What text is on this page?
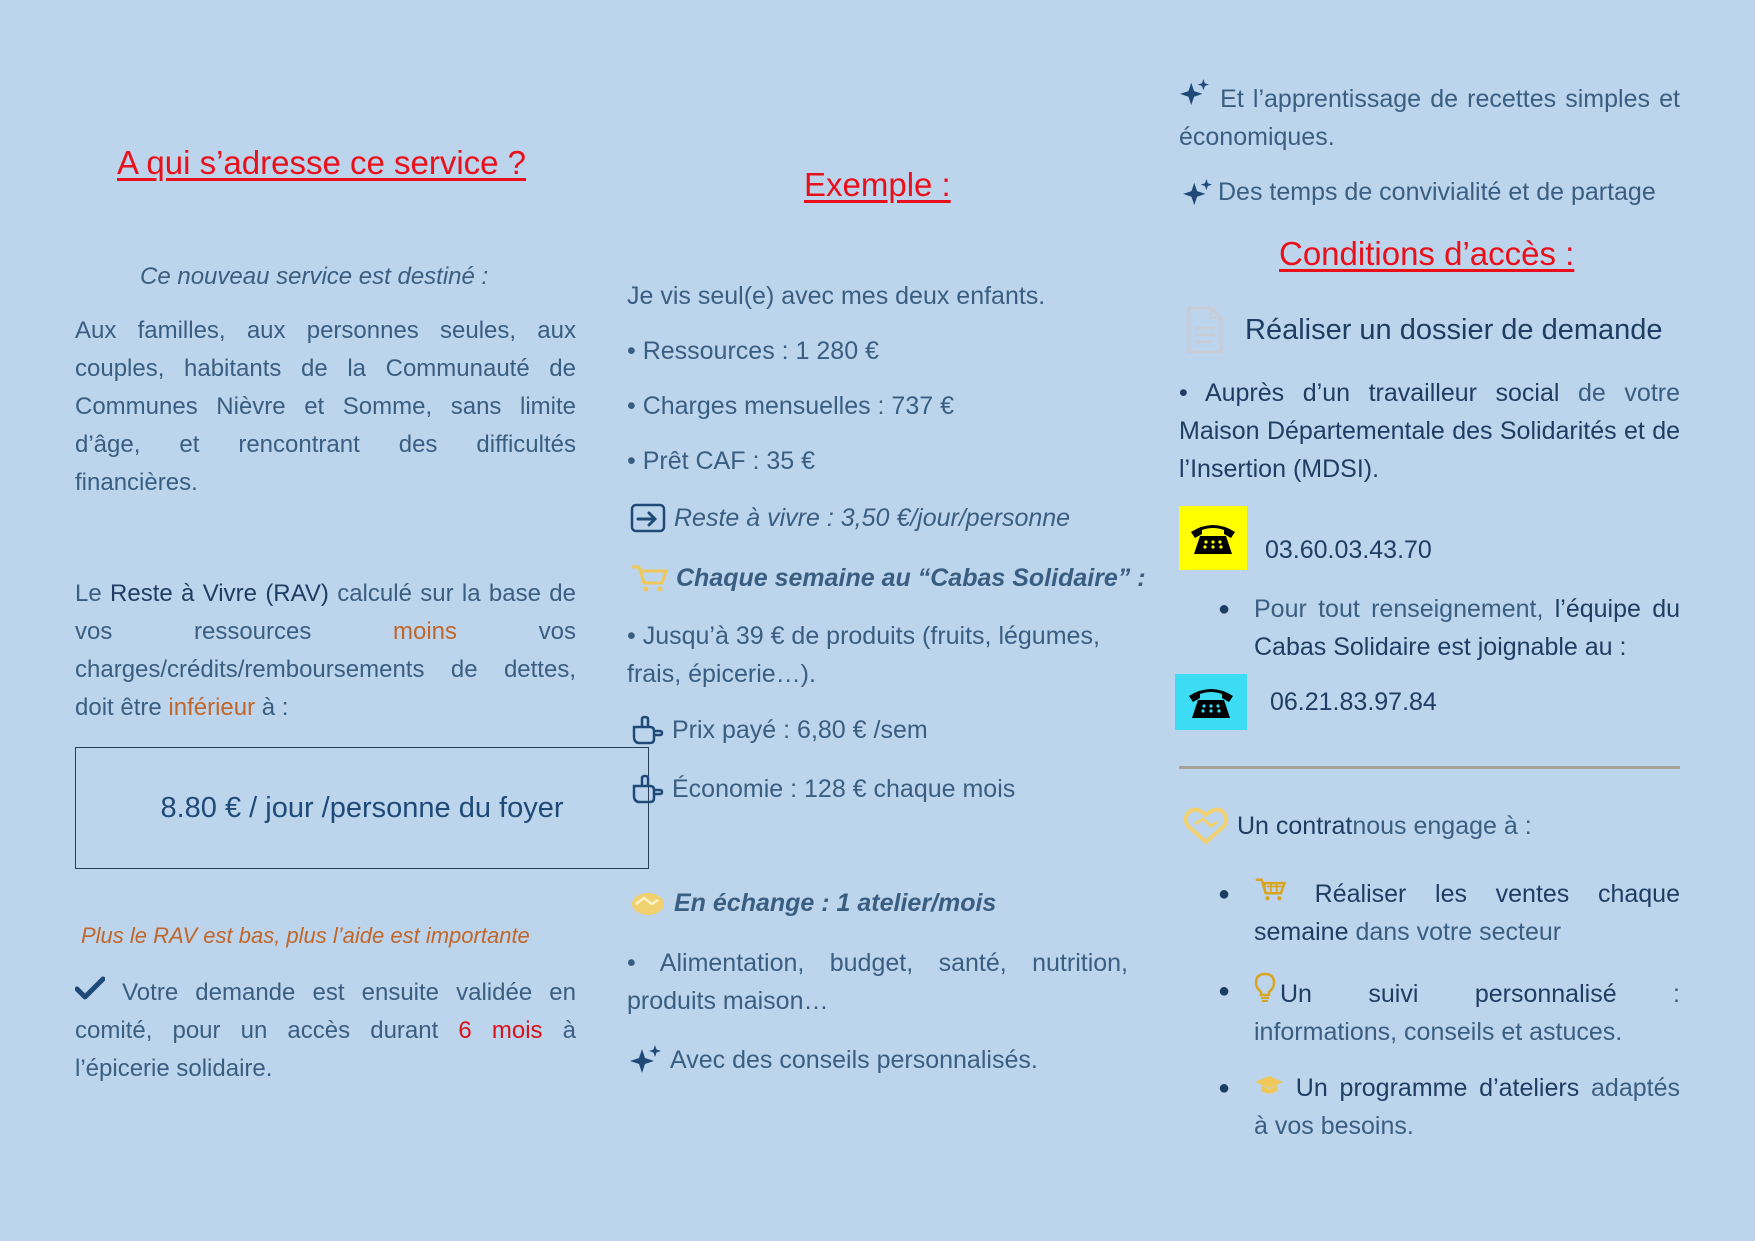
A qui s’adresse ce service ?
Ce nouveau service est destiné :
Aux familles, aux personnes seules, aux couples, habitants de la Communauté de Communes Nièvre et Somme, sans limite d’âge, et rencontrant des difficultés financières.
Le Reste à Vivre (RAV) calculé sur la base de vos ressources moins vos charges/crédits/remboursements de dettes, doit être inférieur à :
8.80 € / jour /personne du foyer
Plus le RAV est bas, plus l’aide est importante
Votre demande est ensuite validée en comité, pour un accès durant 6 mois à l’épicerie solidaire.
Exemple :
Je vis seul(e) avec mes deux enfants.
• Ressources : 1 280 €
• Charges mensuelles : 737 €
• Prêt CAF : 35 €
Reste à vivre : 3,50 €/jour/personne
Chaque semaine au “Cabas Solidaire” :
• Jusqu’à 39 € de produits (fruits, légumes, frais, épicerie…).
Prix payé : 6,80 € /sem
Économie : 128 € chaque mois
En échange : 1 atelier/mois
• Alimentation, budget, santé, nutrition, produits maison…
Avec des conseils personnalisés.
Et l’apprentissage de recettes simples et économiques.
Des temps de convivialité et de partage
Conditions d’accès :
Réaliser un dossier de demande
• Auprès d’un travailleur social de votre Maison Départementale des Solidarités et de l’Insertion (MDSI).
03.60.03.43.70
● Pour tout renseignement, l’équipe du Cabas Solidaire est joignable au :
06.21.83.97.84
Un contrat nous engage à :
● Réaliser les ventes chaque semaine dans votre secteur
● Un suivi personnalisé : informations, conseils et astuces.
● Un programme d’ateliers adaptés à vos besoins.
